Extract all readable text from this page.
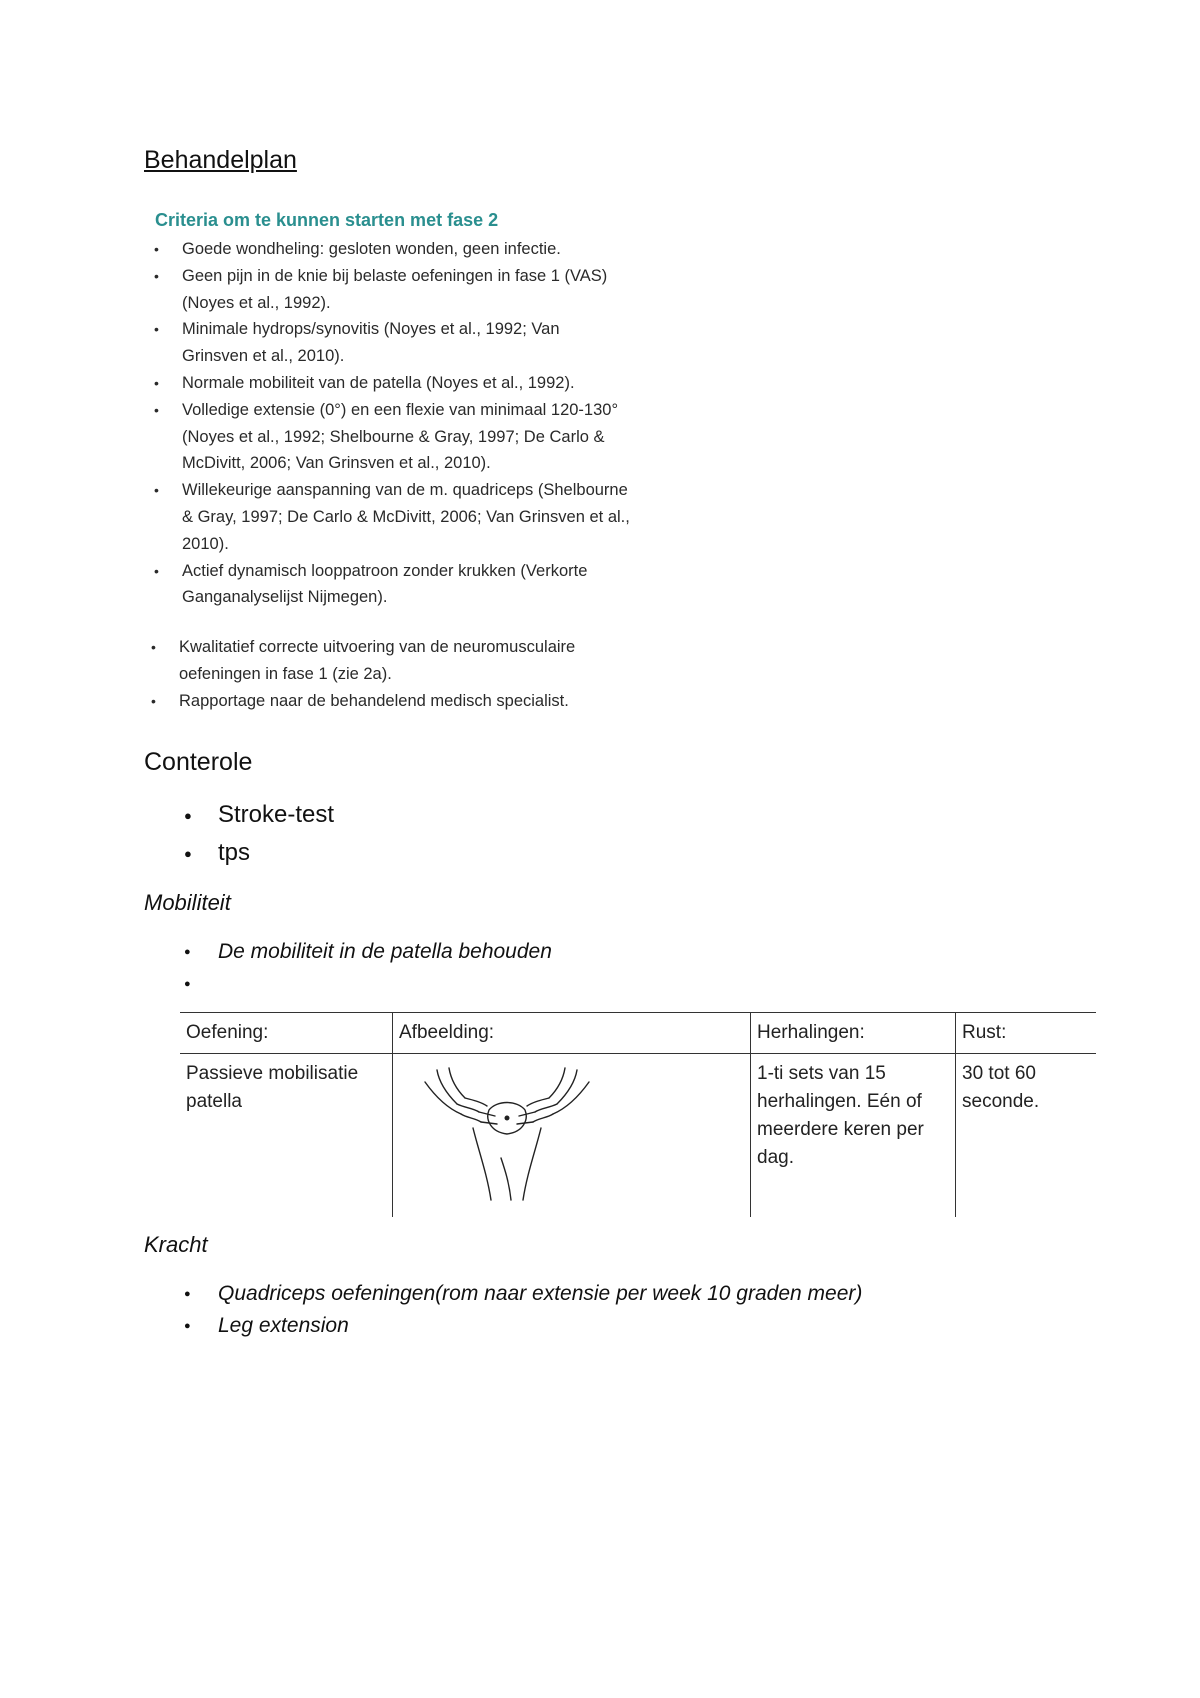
Behandelplan
Criteria om te kunnen starten met fase 2
• Goede wondheling: gesloten wonden, geen infectie.
• Geen pijn in de knie bij belaste oefeningen in fase 1 (VAS) (Noyes et al., 1992).
• Minimale hydrops/synovitis (Noyes et al., 1992; Van Grinsven et al., 2010).
• Normale mobiliteit van de patella (Noyes et al., 1992).
• Volledige extensie (0°) en een flexie van minimaal 120-130° (Noyes et al., 1992; Shelbourne & Gray, 1997; De Carlo & McDivitt, 2006; Van Grinsven et al., 2010).
• Willekeurige aanspanning van de m. quadriceps (Shelbourne & Gray, 1997; De Carlo & McDivitt, 2006; Van Grinsven et al., 2010).
• Actief dynamisch looppatroon zonder krukken (Verkorte Ganganalyselijst Nijmegen).
• Kwalitatief correcte uitvoering van de neuromusculaire oefeningen in fase 1 (zie 2a).
• Rapportage naar de behandelend medisch specialist.
Conterole
● Stroke-test
● tps
Mobiliteit
● De mobiliteit in de patella behouden
●
Oefening:	Afbeelding:	Herhalingen:	Rust:
Passieve mobilisatie patella		1-ti sets van 15 herhalingen. Eén of meerdere keren per dag.	30 tot 60 seconde.
Kracht
● Quadriceps oefeningen(rom naar extensie per week 10 graden meer)
● Leg extension
